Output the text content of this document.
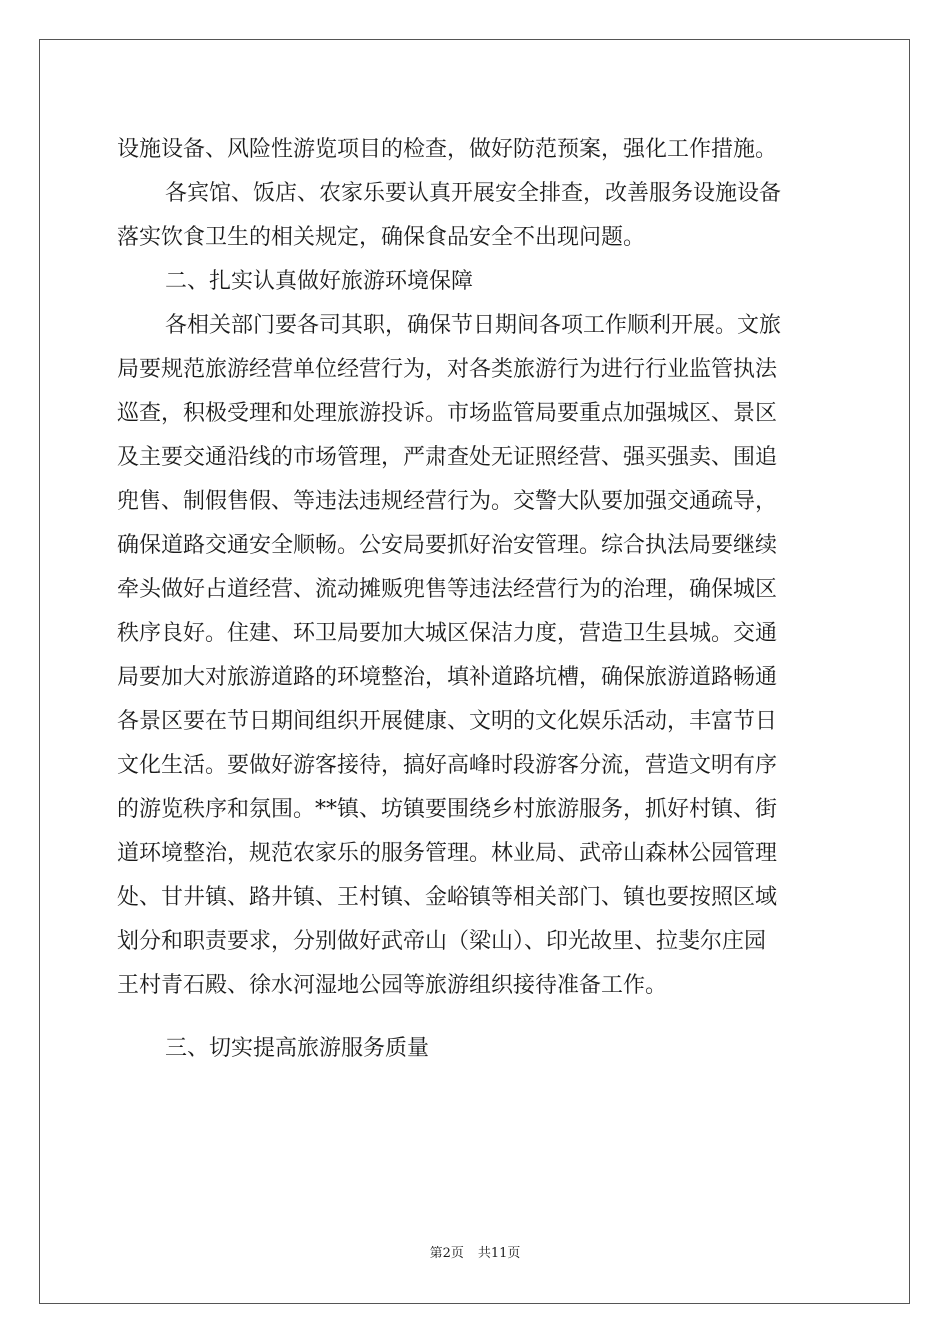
设施设备、风险性游览项目的检查，做好防范预案，强化工作措施。
各宾馆、饭店、农家乐要认真开展安全排查，改善服务设施设备
落实饮食卫生的相关规定，确保食品安全不出现问题。
二、扎实认真做好旅游环境保障
各相关部门要各司其职，确保节日期间各项工作顺利开展。文旅
局要规范旅游经营单位经营行为，对各类旅游行为进行行业监管执法
巡查，积极受理和处理旅游投诉。市场监管局要重点加强城区、景区
及主要交通沿线的市场管理，严肃查处无证照经营、强买强卖、围追
兜售、制假售假、等违法违规经营行为。交警大队要加强交通疏导，
确保道路交通安全顺畅。公安局要抓好治安管理。综合执法局要继续
牵头做好占道经营、流动摊贩兜售等违法经营行为的治理，确保城区
秩序良好。住建、环卫局要加大城区保洁力度，营造卫生县城。交通
局要加大对旅游道路的环境整治，填补道路坑槽，确保旅游道路畅通
各景区要在节日期间组织开展健康、文明的文化娱乐活动，丰富节日
文化生活。要做好游客接待，搞好高峰时段游客分流，营造文明有序
的游览秩序和氛围。**镇、坊镇要围绕乡村旅游服务，抓好村镇、街
道环境整治，规范农家乐的服务管理。林业局、武帝山森林公园管理
处、甘井镇、路井镇、王村镇、金峪镇等相关部门、镇也要按照区域
划分和职责要求，分别做好武帝山（梁山）、印光故里、拉斐尔庄园
王村青石殿、徐水河湿地公园等旅游组织接待准备工作。
三、切实提高旅游服务质量
第2页 共11页
